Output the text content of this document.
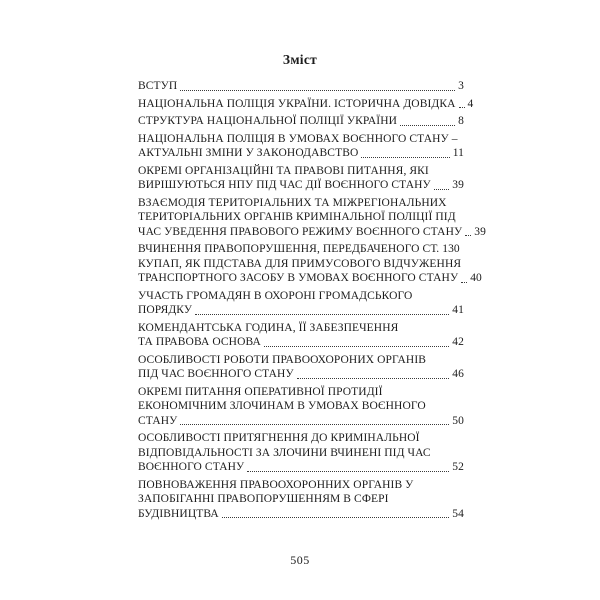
Зміст
ВСТУП	3
НАЦІОНАЛЬНА ПОЛІЦІЯ УКРАЇНИ. ІСТОРИЧНА ДОВІДКА 4
СТРУКТУРА НАЦІОНАЛЬНОЇ ПОЛІЦІЇ УКРАЇНИ	8
НАЦІОНАЛЬНА ПОЛІЦІЯ В УМОВАХ ВОЄННОГО СТАНУ –
АКТУАЛЬНІ ЗМІНИ У ЗАКОНОДАВСТВО	11
ОКРЕМІ ОРГАНІЗАЦІЙНІ ТА ПРАВОВІ ПИТАННЯ, ЯКІ
ВИРІШУЮТЬСЯ НПУ ПІД ЧАС ДІЇ ВОЄННОГО СТАНУ 39
ВЗАЄМОДІЯ ТЕРИТОРІАЛЬНИХ ТА МІЖРЕГІОНАЛЬНИХ
ТЕРИТОРІАЛЬНИХ ОРГАНІВ КРИМІНАЛЬНОЇ ПОЛІЦІЇ ПІД
ЧАС УВЕДЕННЯ ПРАВОВОГО РЕЖИМУ ВОЄННОГО СТАНУ 39
ВЧИНЕННЯ ПРАВОПОРУШЕННЯ, ПЕРЕДБАЧЕНОГО СТ. 130
КУПАП, ЯК ПІДСТАВА ДЛЯ ПРИМУСОВОГО ВІДЧУЖЕННЯ
ТРАНСПОРТНОГО ЗАСОБУ В УМОВАХ ВОЄННОГО СТАНУ 40
УЧАСТЬ ГРОМАДЯН В ОХОРОНІ ГРОМАДСЬКОГО
ПОРЯДКУ	41
КОМЕНДАНТСЬКА ГОДИНА, ЇЇ ЗАБЕЗПЕЧЕННЯ
ТА ПРАВОВА ОСНОВА	42
ОСОБЛИВОСТІ РОБОТИ ПРАВООХОРОНИХ ОРГАНІВ
ПІД ЧАС ВОЄННОГО СТАНУ	46
ОКРЕМІ ПИТАННЯ ОПЕРАТИВНОЇ ПРОТИДІЇ
ЕКОНОМІЧНИМ ЗЛОЧИНАМ В УМОВАХ ВОЄННОГО
СТАНУ	50
ОСОБЛИВОСТІ ПРИТЯГНЕННЯ ДО КРИМІНАЛЬНОЇ
ВІДПОВІДАЛЬНОСТІ ЗА ЗЛОЧИНИ ВЧИНЕНІ ПІД ЧАС
ВОЄННОГО СТАНУ	52
ПОВНОВАЖЕННЯ ПРАВООХОРОННИХ ОРГАНІВ У
ЗАПОБІГАННІ ПРАВОПОРУШЕННЯМ В СФЕРІ
БУДІВНИЦТВА	54
505
